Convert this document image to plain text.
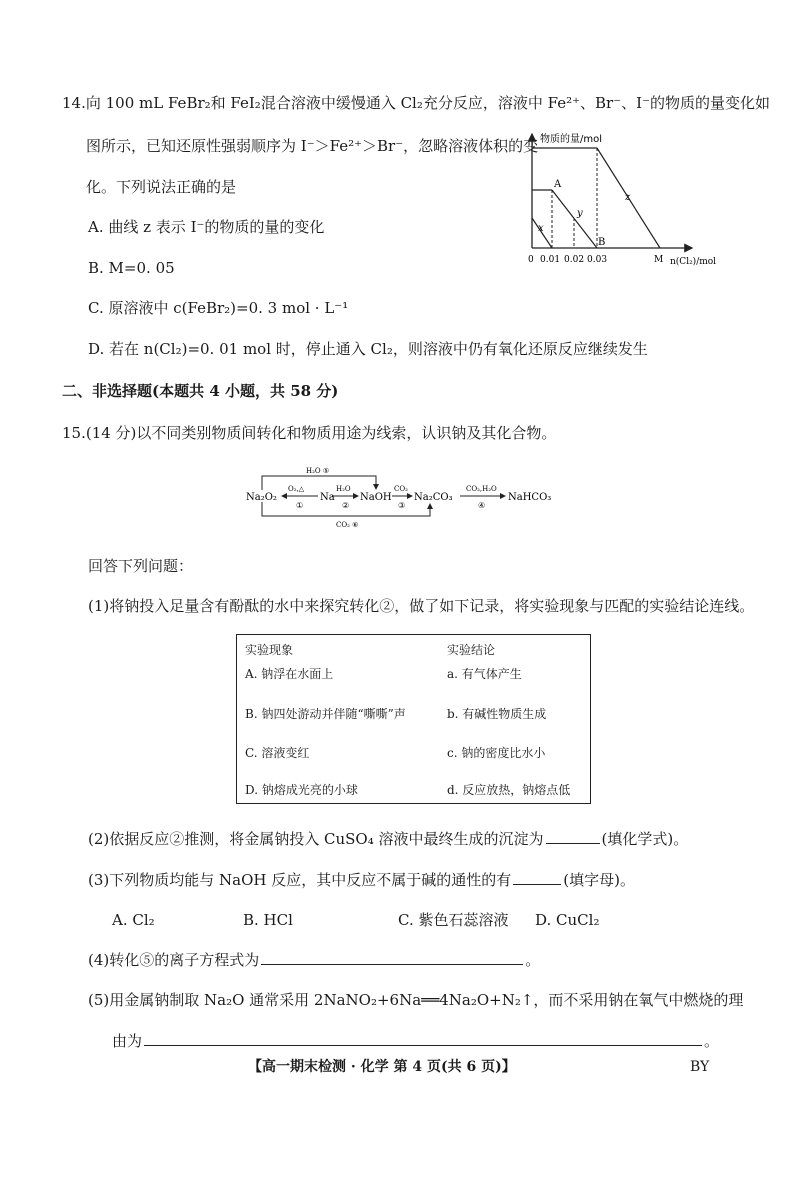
14.向 100 mL FeBr₂和 FeI₂混合溶液中缓慢通入 Cl₂充分反应，溶液中 Fe²⁺、Br⁻、I⁻的物质的量变化如
图所示，已知还原性强弱顺序为 I⁻＞Fe²⁺＞Br⁻，忽略溶液体积的变
化。下列说法正确的是
A. 曲线 z 表示 I⁻的物质的量的变化
B. M=0. 05
C. 原溶液中 c(FeBr₂)=0. 3 mol · L⁻¹
D. 若在 n(Cl₂)=0. 01 mol 时，停止通入 Cl₂，则溶液中仍有氧化还原反应继续发生
物质的量/mol
A
B
x
y
z
0 0.01 0.02 0.03	M n(Cl₂)/mol
二、非选择题(本题共 4 小题，共 58 分)
15.(14 分)以不同类别物质间转化和物质用途为线索，认识钠及其化合物。
Na₂O₂	Na	NaOH Na₂CO₃	NaHCO₃
O₂,△
①
H₂O
②
CO₂
③
CO₂,H₂O
④
H₂O ⑤
CO₂ ⑥
回答下列问题：
(1)将钠投入足量含有酚酞的水中来探究转化②，做了如下记录，将实验现象与匹配的实验结论连线。
实验现象	实验结论
A. 钠浮在水面上	a. 有气体产生
B. 钠四处游动并伴随“嘶嘶”声	b. 有碱性物质生成
C. 溶液变红	c. 钠的密度比水小
D. 钠熔成光亮的小球	d. 反应放热，钠熔点低
(2)依据反应②推测，将金属钠投入 CuSO₄ 溶液中最终生成的沉淀为	(填化学式)。
(3)下列物质均能与 NaOH 反应，其中反应不属于碱的通性的有	(填字母)。
A. Cl₂	B. HCl	C. 紫色石蕊溶液 D. CuCl₂
(4)转化⑤的离子方程式为	。
(5)用金属钠制取 Na₂O 通常采用 2NaNO₂+6Na══4Na₂O+N₂↑，而不采用钠在氧气中燃烧的理
由为	。
【高一期末检测 · 化学 第 4 页(共 6 页)】	BY
